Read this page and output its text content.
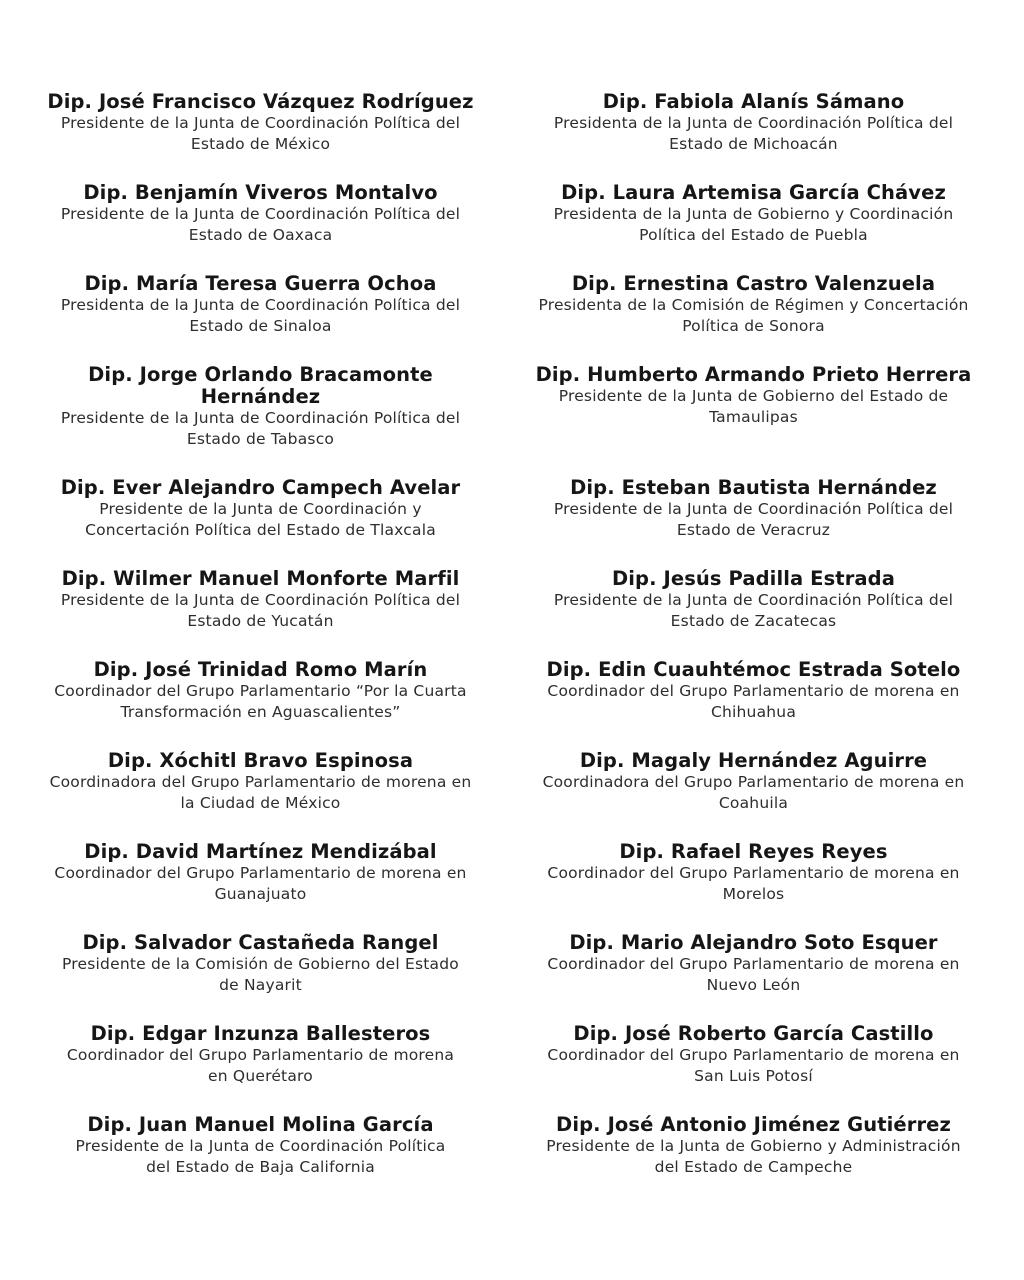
Dip. José Francisco Vázquez Rodríguez
Presidente de la Junta de Coordinación Política del
Estado de México
Dip. Fabiola Alanís Sámano
Presidenta de la Junta de Coordinación Política del
Estado de Michoacán
Dip. Benjamín Viveros Montalvo
Presidente de la Junta de Coordinación Política del
Estado de Oaxaca
Dip. Laura Artemisa García Chávez
Presidenta de la Junta de Gobierno y Coordinación
Política del Estado de Puebla
Dip. María Teresa Guerra Ochoa
Presidenta de la Junta de Coordinación Política del
Estado de Sinaloa
Dip. Ernestina Castro Valenzuela
Presidenta de la Comisión de Régimen y Concertación
Política de Sonora
Dip. Jorge Orlando Bracamonte
Hernández
Presidente de la Junta de Coordinación Política del
Estado de Tabasco
Dip. Humberto Armando Prieto Herrera
Presidente de la Junta de Gobierno del Estado de
Tamaulipas
Dip. Ever Alejandro Campech Avelar
Presidente de la Junta de Coordinación y
Concertación Política del Estado de Tlaxcala
Dip. Esteban Bautista Hernández
Presidente de la Junta de Coordinación Política del
Estado de Veracruz
Dip. Wilmer Manuel Monforte Marfil
Presidente de la Junta de Coordinación Política del
Estado de Yucatán
Dip. Jesús Padilla Estrada
Presidente de la Junta de Coordinación Política del
Estado de Zacatecas
Dip. José Trinidad Romo Marín
Coordinador del Grupo Parlamentario “Por la Cuarta
Transformación en Aguascalientes”
Dip. Edin Cuauhtémoc Estrada Sotelo
Coordinador del Grupo Parlamentario de morena en
Chihuahua
Dip. Xóchitl Bravo Espinosa
Coordinadora del Grupo Parlamentario de morena en
la Ciudad de México
Dip. Magaly Hernández Aguirre
Coordinadora del Grupo Parlamentario de morena en
Coahuila
Dip. David Martínez Mendizábal
Coordinador del Grupo Parlamentario de morena en
Guanajuato
Dip. Rafael Reyes Reyes
Coordinador del Grupo Parlamentario de morena en
Morelos
Dip. Salvador Castañeda Rangel
Presidente de la Comisión de Gobierno del Estado
de Nayarit
Dip. Mario Alejandro Soto Esquer
Coordinador del Grupo Parlamentario de morena en
Nuevo León
Dip. Edgar Inzunza Ballesteros
Coordinador del Grupo Parlamentario de morena
en Querétaro
Dip. José Roberto García Castillo
Coordinador del Grupo Parlamentario de morena en
San Luis Potosí
Dip. Juan Manuel Molina García
Presidente de la Junta de Coordinación Política
del Estado de Baja California
Dip. José Antonio Jiménez Gutiérrez
Presidente de la Junta de Gobierno y Administración
del Estado de Campeche
